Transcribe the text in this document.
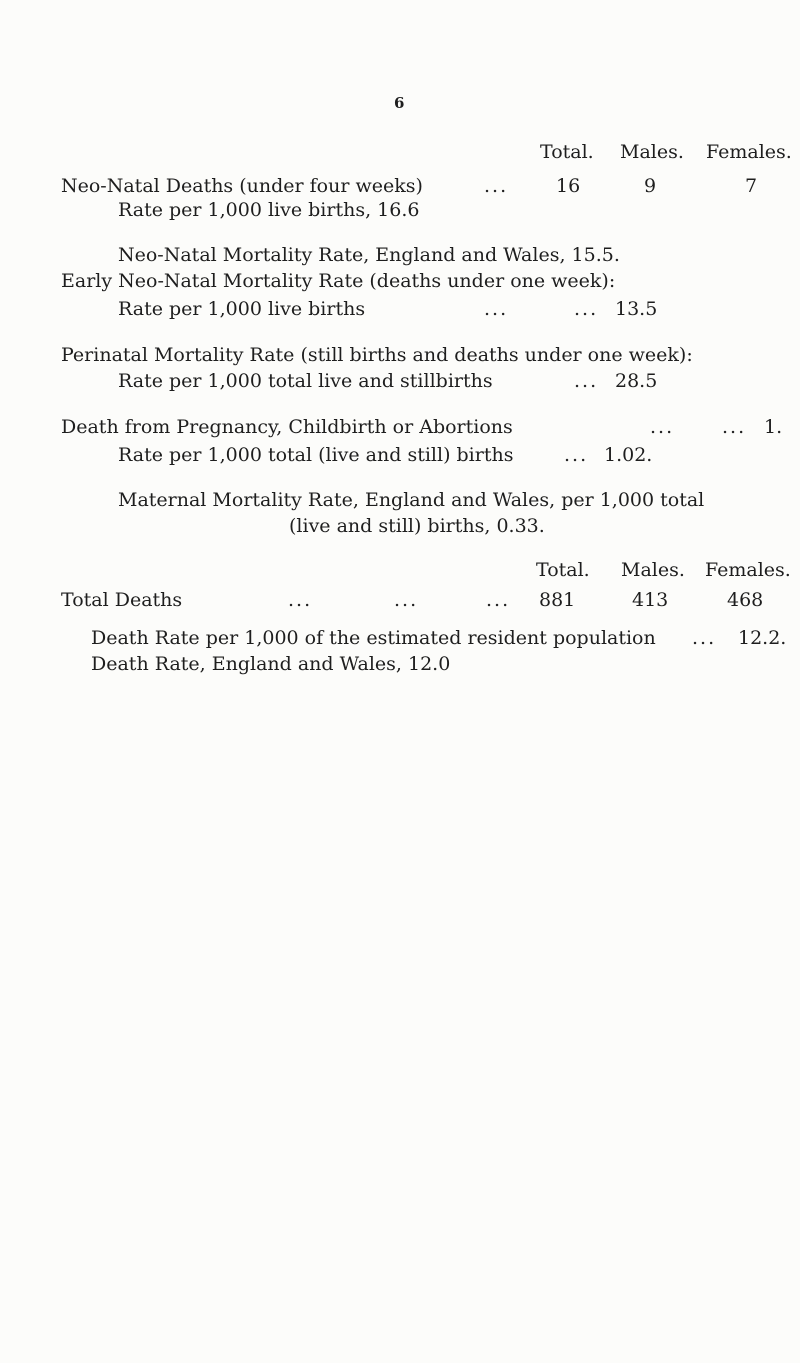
6
Total. Males. Females.
Neo-Natal Deaths (under four weeks)	...	16	9	7
Rate per 1,000 live births, 16.6
Neo-Natal Mortality Rate, England and Wales, 15.5.
Early Neo-Natal Mortality Rate (deaths under one week):
Rate per 1,000 live births	...	... 13.5
Perinatal Mortality Rate (still births and deaths under one week):
Rate per 1,000 total live and stillbirths	... 28.5
Death from Pregnancy, Childbirth or Abortions	...	... 1.
Rate per 1,000 total (live and still) births	... 1.02.
Maternal Mortality Rate, England and Wales, per 1,000 total
(live and still) births, 0.33.
Total. Males. Females.
Total Deaths	...	...	... 881	413	468
Death Rate per 1,000 of the estimated resident population ... 12.2.
Death Rate, England and Wales, 12.0
